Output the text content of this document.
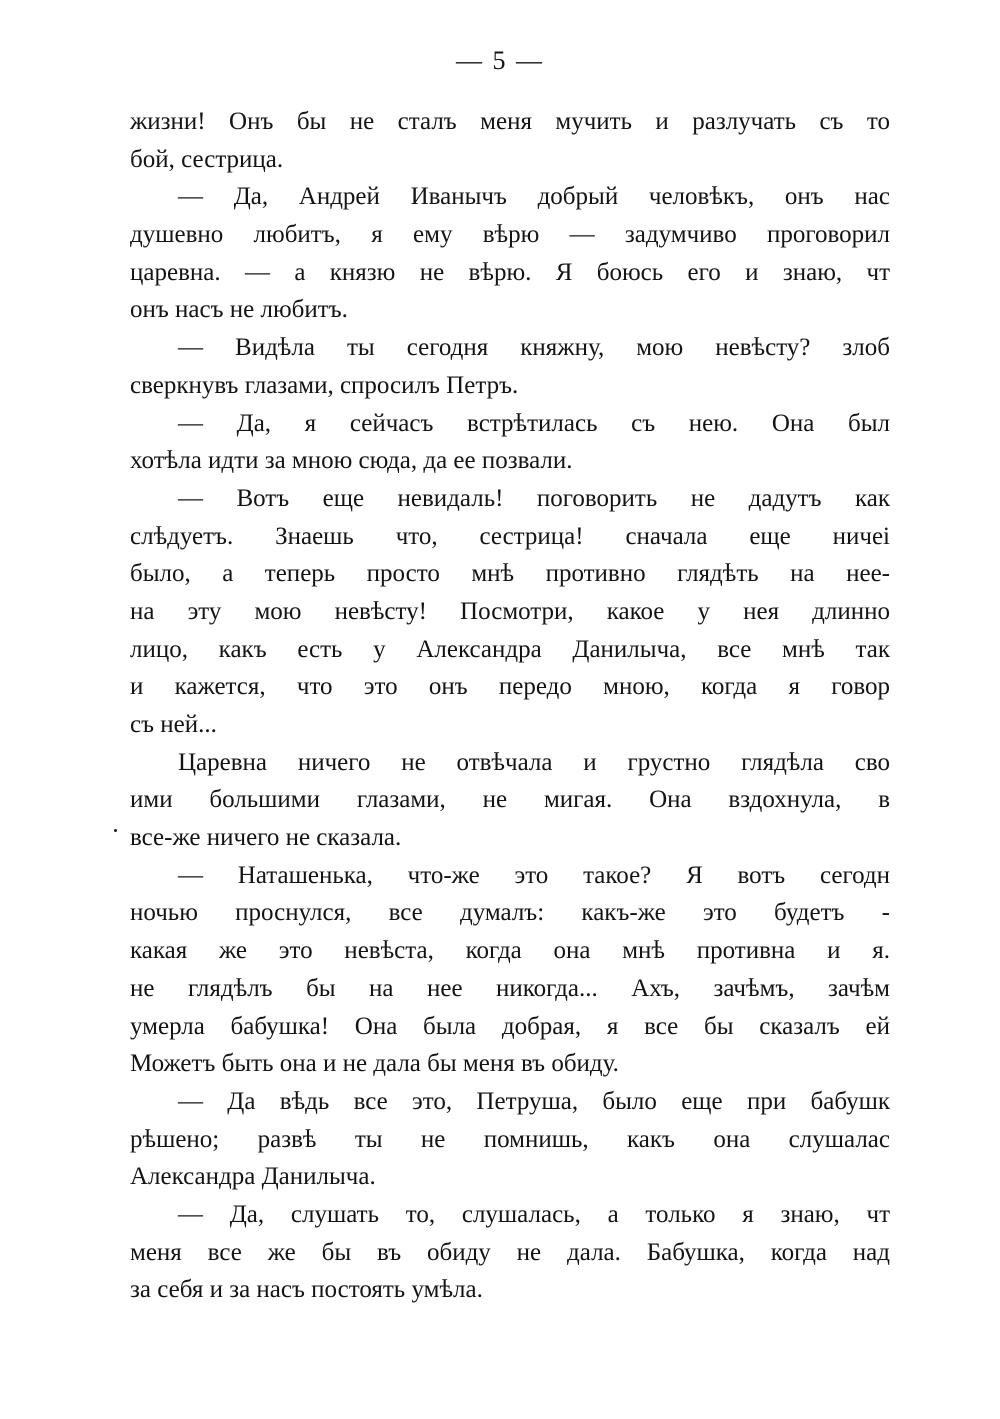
— 5 —
жизни! Онъ бы не сталъ меня мучить и разлучать съ то
бой, сестрица.
— Да, Андрей Иванычъ добрый человѣкъ, онъ нас
душевно любитъ, я ему вѣрю — задумчиво проговорил
царевна. — а князю не вѣрю. Я боюсь его и знаю, чт
онъ насъ не любитъ.
— Видѣла ты сегодня княжну, мою невѣсту? злоб
сверкнувъ глазами, спросилъ Петръ.
— Да, я сейчасъ встрѣтилась съ нею. Она был
хотѣла идти за мною сюда, да ее позвали.
— Вотъ еще невидаль! поговорить не дадутъ как
слѣдуетъ. Знаешь что, сестрица! сначала еще ничеі
было, а теперь просто мнѣ противно глядѣть на нее-
на эту мою невѣсту! Посмотри, какое у нея длинно
лицо, какъ есть у Александра Данилыча, все мнѣ так
и кажется, что это онъ передо мною, когда я говор
съ ней...
Царевна ничего не отвѣчала и грустно глядѣла сво
ими большими глазами, не мигая. Она вздохнула, в
все-же ничего не сказала.
— Наташенька, что-же это такое? Я вотъ сегодн
ночью проснулся, все думалъ: какъ-же это будетъ -
какая же это невѣста, когда она мнѣ противна и я.
не глядѣлъ бы на нее никогда... Ахъ, зачѣмъ, зачѣм
умерла бабушка! Она была добрая, я все бы сказалъ ей
Можетъ быть она и не дала бы меня въ обиду.
— Да вѣдь все это, Петруша, было еще при бабушк
рѣшено; развѣ ты не помнишь, какъ она слушалас
Александра Данилыча.
— Да, слушать то, слушалась, а только я знаю, чт
меня все же бы въ обиду не дала. Бабушка, когда над
за себя и за насъ постоять умѣла.
